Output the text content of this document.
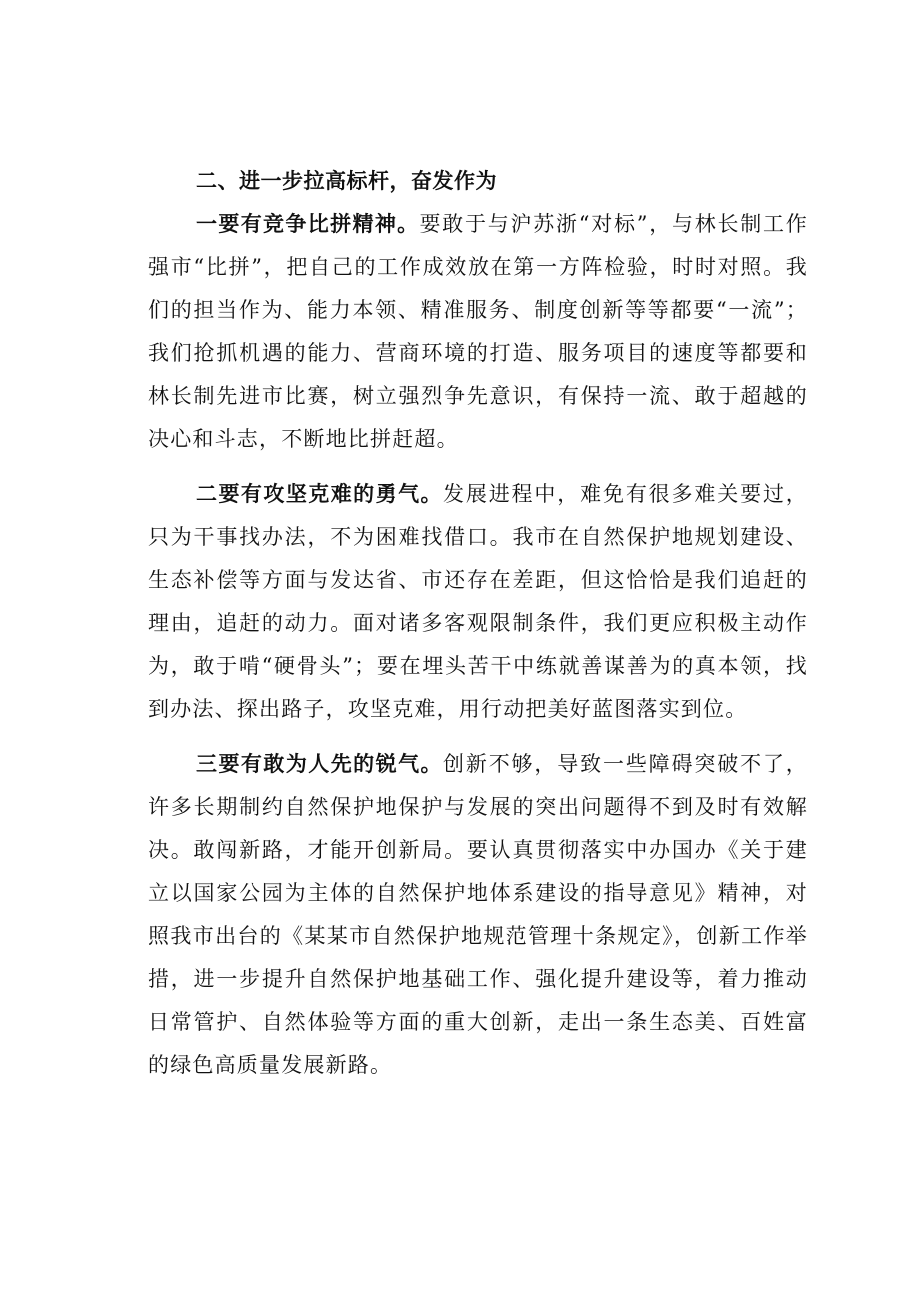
二、进一步拉高标杆，奋发作为

一要有竞争比拼精神。要敢于与沪苏浙“对标”，与林长制工作强市“比拼”，把自己的工作成效放在第一方阵检验，时时对照。我们的担当作为、能力本领、精准服务、制度创新等等都要“一流”；我们抢抓机遇的能力、营商环境的打造、服务项目的速度等都要和林长制先进市比赛，树立强烈争先意识，有保持一流、敢于超越的决心和斗志，不断地比拼赶超。

二要有攻坚克难的勇气。发展进程中，难免有很多难关要过，只为干事找办法，不为困难找借口。我市在自然保护地规划建设、生态补偿等方面与发达省、市还存在差距，但这恰恰是我们追赶的理由，追赶的动力。面对诸多客观限制条件，我们更应积极主动作为，敢于啃“硬骨头”；要在埋头苦干中练就善谋善为的真本领，找到办法、探出路子，攻坚克难，用行动把美好蓝图落实到位。

三要有敢为人先的锐气。创新不够，导致一些障碍突破不了，许多长期制约自然保护地保护与发展的突出问题得不到及时有效解决。敢闯新路，才能开创新局。要认真贯彻落实中办国办《关于建立以国家公园为主体的自然保护地体系建设的指导意见》精神，对照我市出台的《某某市自然保护地规范管理十条规定》，创新工作举措，进一步提升自然保护地基础工作、强化提升建设等，着力推动日常管护、自然体验等方面的重大创新，走出一条生态美、百姓富的绿色高质量发展新路。
